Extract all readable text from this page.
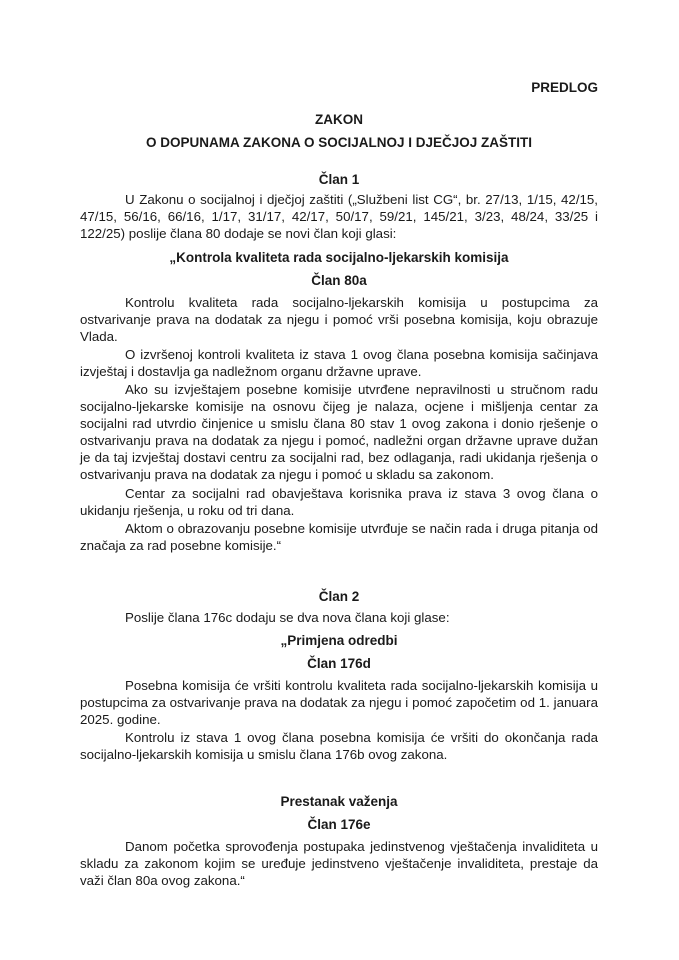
PREDLOG
ZAKON
O DOPUNAMA ZAKONA O SOCIJALNOJ I DJEČJOJ ZAŠTITI
Član 1

U Zakonu o socijalnoj i dječjoj zaštiti („Službeni list CG“, br. 27/13, 1/15, 42/15, 47/15, 56/16, 66/16, 1/17, 31/17, 42/17, 50/17, 59/21, 145/21, 3/23, 48/24, 33/25 i 122/25) poslije člana 80 dodaje se novi član koji glasi:

„Kontrola kvaliteta rada socijalno-ljekarskih komisija
Član 80a

Kontrolu kvaliteta rada socijalno-ljekarskih komisija u postupcima za ostvarivanje prava na dodatak za njegu i pomoć vrši posebna komisija, koju obrazuje Vlada.

O izvršenoj kontroli kvaliteta iz stava 1 ovog člana posebna komisija sačinjava izvještaj i dostavlja ga nadležnom organu državne uprave.

Ako su izvještajem posebne komisije utvrđene nepravilnosti u stručnom radu socijalno-ljekarske komisije na osnovu čijeg je nalaza, ocjene i mišljenja centar za socijalni rad utvrdio činjenice u smislu člana 80 stav 1 ovog zakona i donio rješenje o ostvarivanju prava na dodatak za njegu i pomoć, nadležni organ državne uprave dužan je da taj izvještaj dostavi centru za socijalni rad, bez odlaganja, radi ukidanja rješenja o ostvarivanju prava na dodatak za njegu i pomoć u skladu sa zakonom.

Centar za socijalni rad obavještava korisnika prava iz stava 3 ovog člana o ukidanju rješenja, u roku od tri dana.

Aktom o obrazovanju posebne komisije utvrđuje se način rada i druga pitanja od značaja za rad posebne komisije.“

Član 2

Poslije člana 176c dodaju se dva nova člana koji glase:

„Primjena odredbi
Član 176d

Posebna komisija će vršiti kontrolu kvaliteta rada socijalno-ljekarskih komisija u postupcima za ostvarivanje prava na dodatak za njegu i pomoć započetim od 1. januara 2025. godine.

Kontrolu iz stava 1 ovog člana posebna komisija će vršiti do okončanja rada socijalno-ljekarskih komisija u smislu člana 176b ovog zakona.

Prestanak važenja
Član 176e

Danom početka sprovođenja postupaka jedinstvenog vještačenja invaliditeta u skladu za zakonom kojim se uređuje jedinstveno vještačenje invaliditeta, prestaje da važi član 80a ovog zakona.“
